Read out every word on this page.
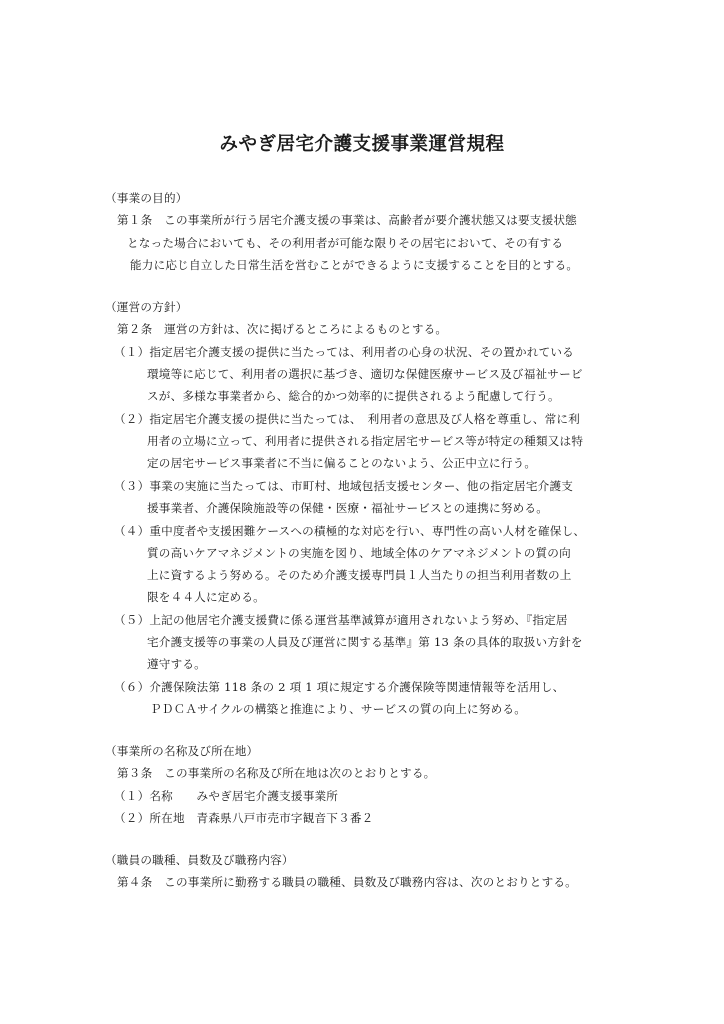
みやぎ居宅介護支援事業運営規程
（事業の目的）
第１条　この事業所が行う居宅介護支援の事業は、高齢者が要介護状態又は要支援状態
となった場合においても、その利用者が可能な限りその居宅において、その有する
能力に応じ自立した日常生活を営むことができるように支援することを目的とする。
（運営の方針）
第２条　運営の方針は、次に掲げるところによるものとする。
（１）指定居宅介護支援の提供に当たっては、利用者の心身の状況、その置かれている
環境等に応じて、利用者の選択に基づき、適切な保健医療サービス及び福祉サービ
スが、多様な事業者から、総合的かつ効率的に提供されるよう配慮して行う。
（２）指定居宅介護支援の提供に当たっては、　利用者の意思及び人格を尊重し、常に利
用者の立場に立って、利用者に提供される指定居宅サービス等が特定の種類又は特
定の居宅サービス事業者に不当に偏ることのないよう、公正中立に行う。
（３）事業の実施に当たっては、市町村、地域包括支援センター、他の指定居宅介護支
援事業者、介護保険施設等の保健・医療・福祉サービスとの連携に努める。
（４）重中度者や支援困難ケースへの積極的な対応を行い、専門性の高い人材を確保し、
質の高いケアマネジメントの実施を図り、地域全体のケアマネジメントの質の向
上に資するよう努める。そのため介護支援専門員１人当たりの担当利用者数の上
限を４４人に定める。
（５）上記の他居宅介護支援費に係る運営基準減算が適用されないよう努め、『指定居
宅介護支援等の事業の人員及び運営に関する基準』第 13 条の具体的取扱い方針を
遵守する。
（６）介護保険法第 118 条の 2 項 1 項に規定する介護保険等関連情報等を活用し、
ＰＤＣＡサイクルの構築と推進により、サービスの質の向上に努める。
（事業所の名称及び所在地）
第３条　この事業所の名称及び所在地は次のとおりとする。
（１）名称　　みやぎ居宅介護支援事業所
（２）所在地　青森県八戸市売市字観音下３番２
（職員の職種、員数及び職務内容）
第４条　この事業所に勤務する職員の職種、員数及び職務内容は、次のとおりとする。
